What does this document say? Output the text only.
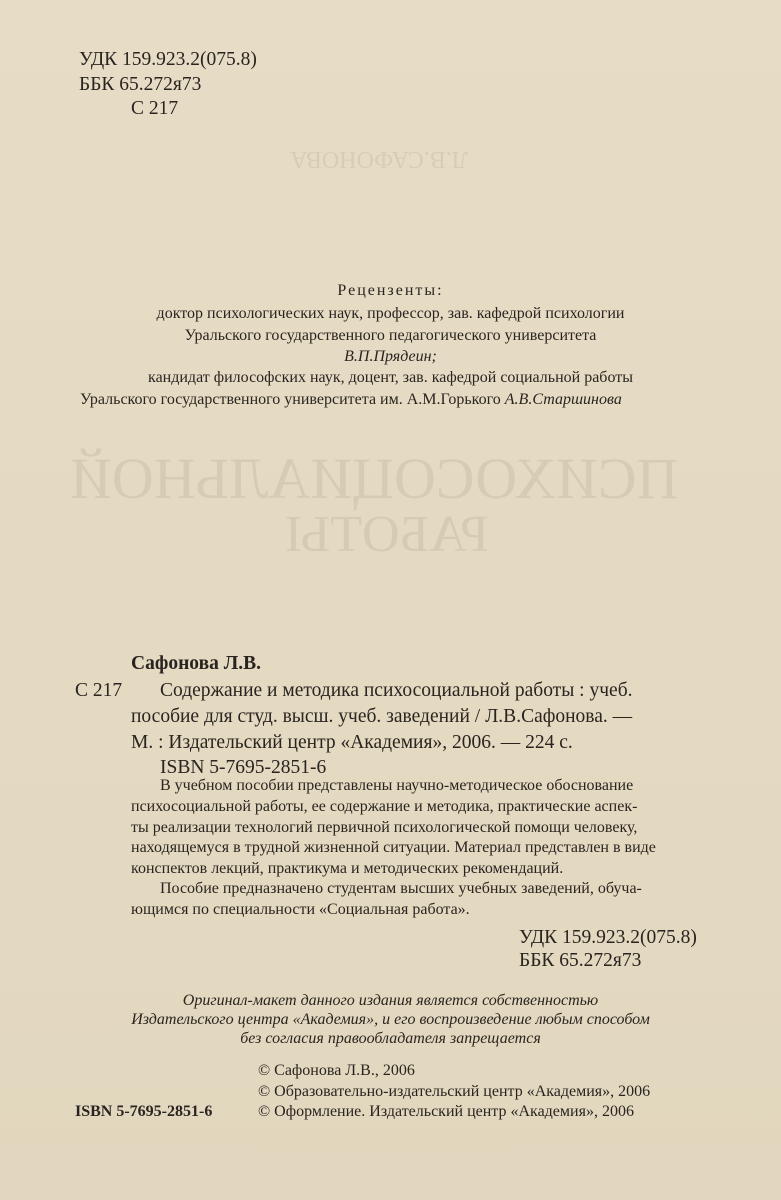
ПСИХОСОЦИАЛЬНОЙ
РАБОТЫ
Л.В.САФОНОВА
УДК 159.923.2(075.8)
ББК 65.272я73
С 217
Рецензенты:
доктор психологических наук, профессор, зав. кафедрой психологии
Уральского государственного педагогического университета
В.П.Прядеин;
кандидат философских наук, доцент, зав. кафедрой социальной работы
Уральского государственного университета им. А.М.Горького А.В.Старшинова
Сафонова Л.В.
С 217 Содержание и методика психосоциальной работы : учеб.
пособие для студ. высш. учеб. заведений / Л.В.Сафонова. —
М. : Издательский центр «Академия», 2006. — 224 с.
ISBN 5-7695-2851-6
В учебном пособии представлены научно-методическое обоснование
психосоциальной работы, ее содержание и методика, практические аспек-
ты реализации технологий первичной психологической помощи человеку,
находящемуся в трудной жизненной ситуации. Материал представлен в виде
конспектов лекций, практикума и методических рекомендаций.
Пособие предназначено студентам высших учебных заведений, обуча-
ющимся по специальности «Социальная работа».
УДК 159.923.2(075.8)
ББК 65.272я73
Оригинал-макет данного издания является собственностью
Издательского центра «Академия», и его воспроизведение любым способом
без согласия правообладателя запрещается
© Сафонова Л.В., 2006
© Образовательно-издательский центр «Академия», 2006
ISBN 5-7695-2851-6	© Оформление. Издательский центр «Академия», 2006
